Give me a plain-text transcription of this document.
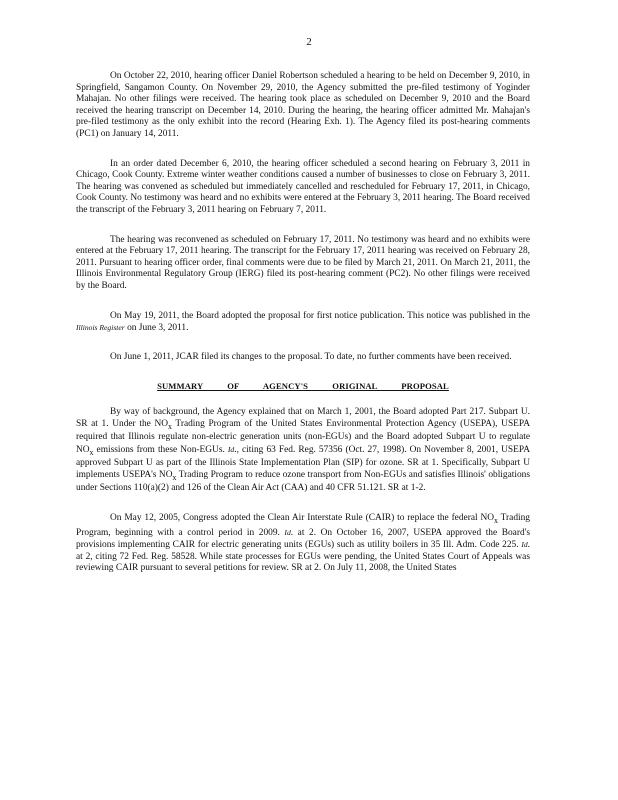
2

On October 22, 2010, hearing officer Daniel Robertson scheduled a hearing to be held on December 9, 2010, in Springfield, Sangamon County. On November 29, 2010, the Agency submitted the pre-filed testimony of Yoginder Mahajan. No other filings were received. The hearing took place as scheduled on December 9, 2010 and the Board received the hearing transcript on December 14, 2010. During the hearing, the hearing officer admitted Mr. Mahajan's pre-filed testimony as the only exhibit into the record (Hearing Exh. 1). The Agency filed its post-hearing comments (PC1) on January 14, 2011.

In an order dated December 6, 2010, the hearing officer scheduled a second hearing on February 3, 2011 in Chicago, Cook County. Extreme winter weather conditions caused a number of businesses to close on February 3, 2011. The hearing was convened as scheduled but immediately cancelled and rescheduled for February 17, 2011, in Chicago, Cook County. No testimony was heard and no exhibits were entered at the February 3, 2011 hearing. The Board received the transcript of the February 3, 2011 hearing on February 7, 2011.

The hearing was reconvened as scheduled on February 17, 2011. No testimony was heard and no exhibits were entered at the February 17, 2011 hearing. The transcript for the February 17, 2011 hearing was received on February 28, 2011. Pursuant to hearing officer order, final comments were due to be filed by March 21, 2011. On March 21, 2011, the Illinois Environmental Regulatory Group (IERG) filed its post-hearing comment (PC2). No other filings were received by the Board.

On May 19, 2011, the Board adopted the proposal for first notice publication. This notice was published in the Illinois Register on June 3, 2011.

On June 1, 2011, JCAR filed its changes to the proposal. To date, no further comments have been received.

SUMMARY OF AGENCY'S ORIGINAL PROPOSAL

By way of background, the Agency explained that on March 1, 2001, the Board adopted Part 217. Subpart U. SR at 1. Under the $NO_x$ Trading Program of the United States Environmental Protection Agency (USEPA), USEPA required that Illinois regulate non-electric generation units (non-EGUs) and the Board adopted Subpart U to regulate $NO_x$ emissions from these Non-EGUs. Id., citing 63 Fed. Reg. 57356 (Oct. 27, 1998). On November 8, 2001, USEPA approved Subpart U as part of the Illinois State Implementation Plan (SIP) for ozone. SR at 1. Specifically, Subpart U implements USEPA's $NO_x$ Trading Program to reduce ozone transport from Non-EGUs and satisfies Illinois' obligations under Sections 110(a)(2) and 126 of the Clean Air Act (CAA) and 40 CFR 51.121. SR at 1-2.

On May 12, 2005, Congress adopted the Clean Air Interstate Rule (CAIR) to replace the federal $NO_x$ Trading Program, beginning with a control period in 2009. Id. at 2. On October 16, 2007, USEPA approved the Board's provisions implementing CAIR for electric generating units (EGUs) such as utility boilers in 35 Ill. Adm. Code 225. Id. at 2, citing 72 Fed. Reg. 58528. While state processes for EGUs were pending, the United States Court of Appeals was reviewing CAIR pursuant to several petitions for review. SR at 2. On July 11, 2008, the United States
